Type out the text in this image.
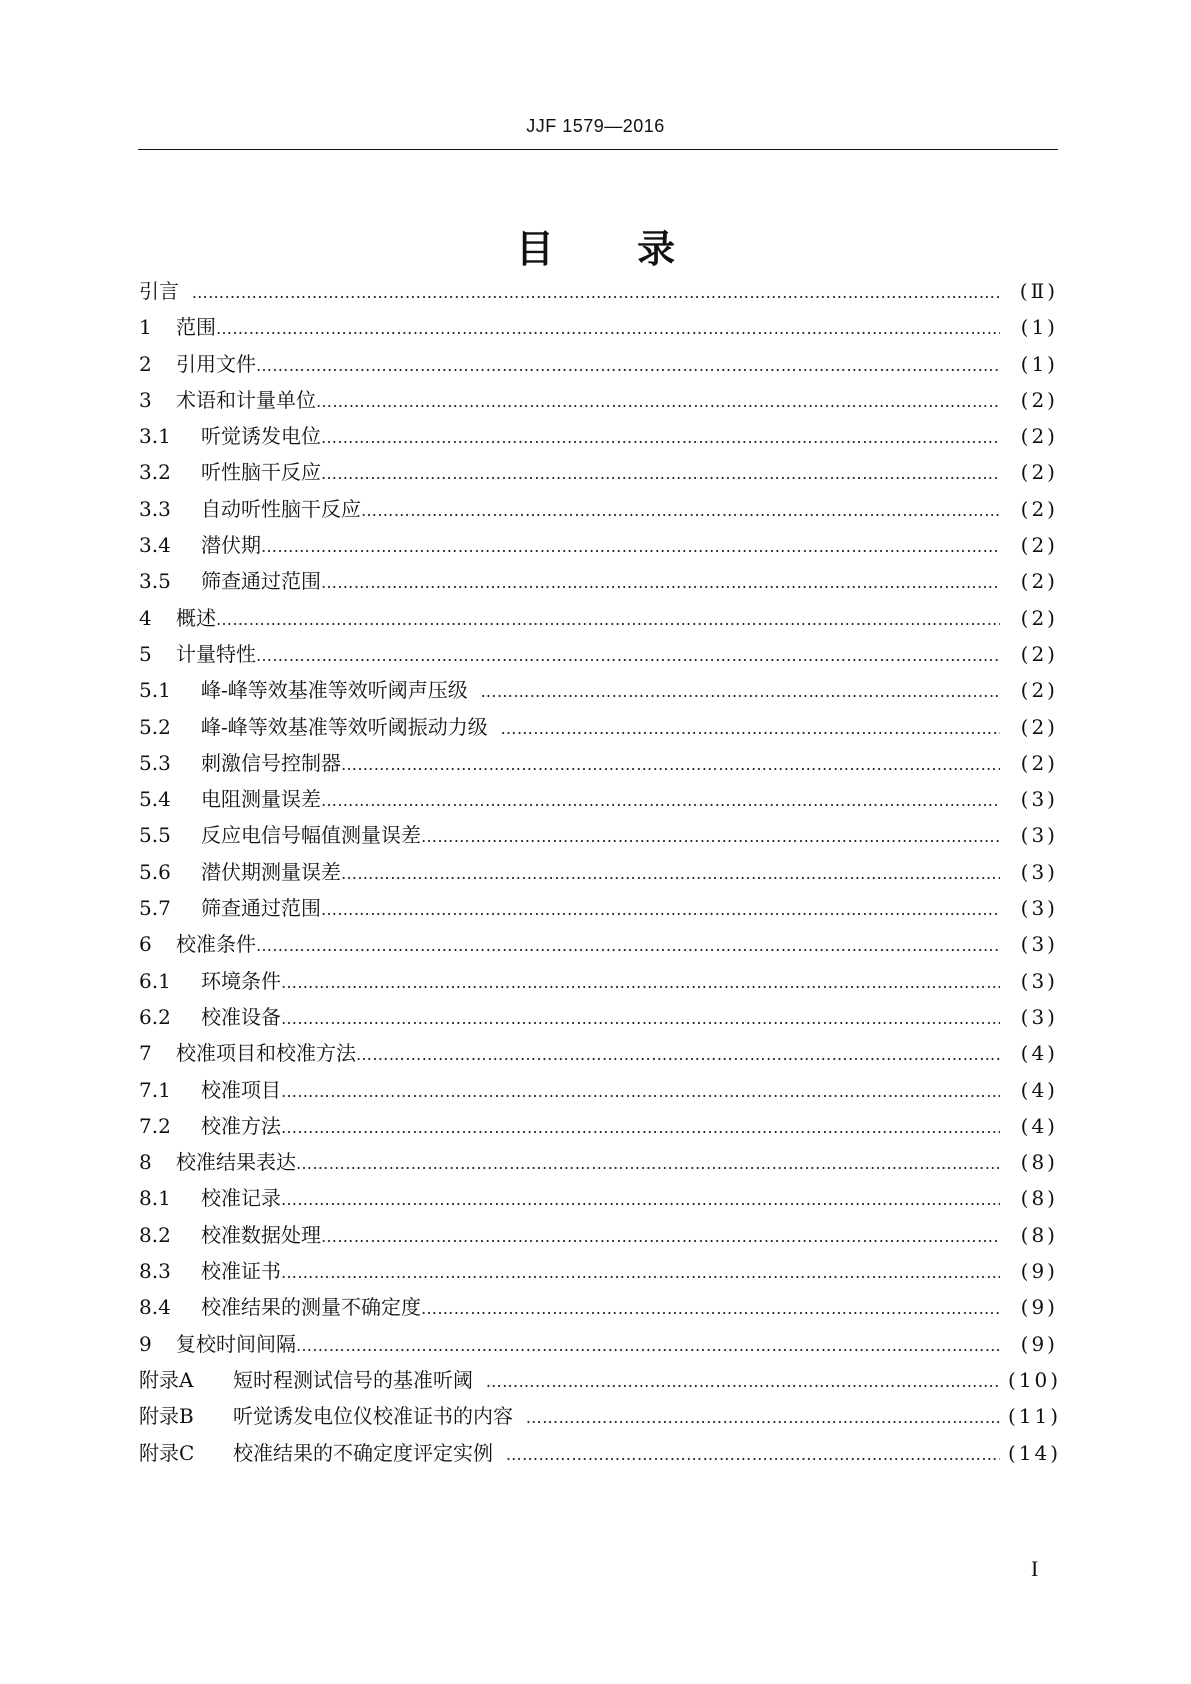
JJF 1579—2016
目 录
引言 …………………………………………………………………………………………………………………………………………………………………………………………………………	(Ⅱ)
1	范围 …………………………………………………………………………………………………………………………………………………………………………………………………………	(1)
2	引用文件 …………………………………………………………………………………………………………………………………………………………………………………………………………	(1)
3	术语和计量单位 …………………………………………………………………………………………………………………………………………………………………………………………………………	(2)
3.1	听觉诱发电位 …………………………………………………………………………………………………………………………………………………………………………………………………………	(2)
3.2	听性脑干反应 …………………………………………………………………………………………………………………………………………………………………………………………………………	(2)
3.3	自动听性脑干反应 …………………………………………………………………………………………………………………………………………………………………………………………………………	(2)
3.4	潜伏期 …………………………………………………………………………………………………………………………………………………………………………………………………………	(2)
3.5	筛查通过范围 …………………………………………………………………………………………………………………………………………………………………………………………………………	(2)
4	概述 …………………………………………………………………………………………………………………………………………………………………………………………………………	(2)
5	计量特性 …………………………………………………………………………………………………………………………………………………………………………………………………………	(2)
5.1	峰-峰等效基准等效听阈声压级 …………………………………………………………………………………………………………………………………………………………………………………………………………	(2)
5.2	峰-峰等效基准等效听阈振动力级 …………………………………………………………………………………………………………………………………………………………………………………………………………	(2)
5.3	刺激信号控制器 …………………………………………………………………………………………………………………………………………………………………………………………………………	(2)
5.4	电阻测量误差 …………………………………………………………………………………………………………………………………………………………………………………………………………	(3)
5.5	反应电信号幅值测量误差 …………………………………………………………………………………………………………………………………………………………………………………………………………	(3)
5.6	潜伏期测量误差 …………………………………………………………………………………………………………………………………………………………………………………………………………	(3)
5.7	筛查通过范围 …………………………………………………………………………………………………………………………………………………………………………………………………………	(3)
6	校准条件 …………………………………………………………………………………………………………………………………………………………………………………………………………	(3)
6.1	环境条件 …………………………………………………………………………………………………………………………………………………………………………………………………………	(3)
6.2	校准设备 …………………………………………………………………………………………………………………………………………………………………………………………………………	(3)
7	校准项目和校准方法 …………………………………………………………………………………………………………………………………………………………………………………………………………	(4)
7.1	校准项目 …………………………………………………………………………………………………………………………………………………………………………………………………………	(4)
7.2	校准方法 …………………………………………………………………………………………………………………………………………………………………………………………………………	(4)
8	校准结果表达 …………………………………………………………………………………………………………………………………………………………………………………………………………	(8)
8.1	校准记录 …………………………………………………………………………………………………………………………………………………………………………………………………………	(8)
8.2	校准数据处理 …………………………………………………………………………………………………………………………………………………………………………………………………………	(8)
8.3	校准证书 …………………………………………………………………………………………………………………………………………………………………………………………………………	(9)
8.4	校准结果的测量不确定度 …………………………………………………………………………………………………………………………………………………………………………………………………………	(9)
9	复校时间间隔 …………………………………………………………………………………………………………………………………………………………………………………………………………	(9)
附录A	短时程测试信号的基准听阈 …………………………………………………………………………………………………………………………………………………………………………………………………………	(10)
附录B	听觉诱发电位仪校准证书的内容 …………………………………………………………………………………………………………………………………………………………………………………………………………	(11)
附录C	校准结果的不确定度评定实例 …………………………………………………………………………………………………………………………………………………………………………………………………………	(14)
I
